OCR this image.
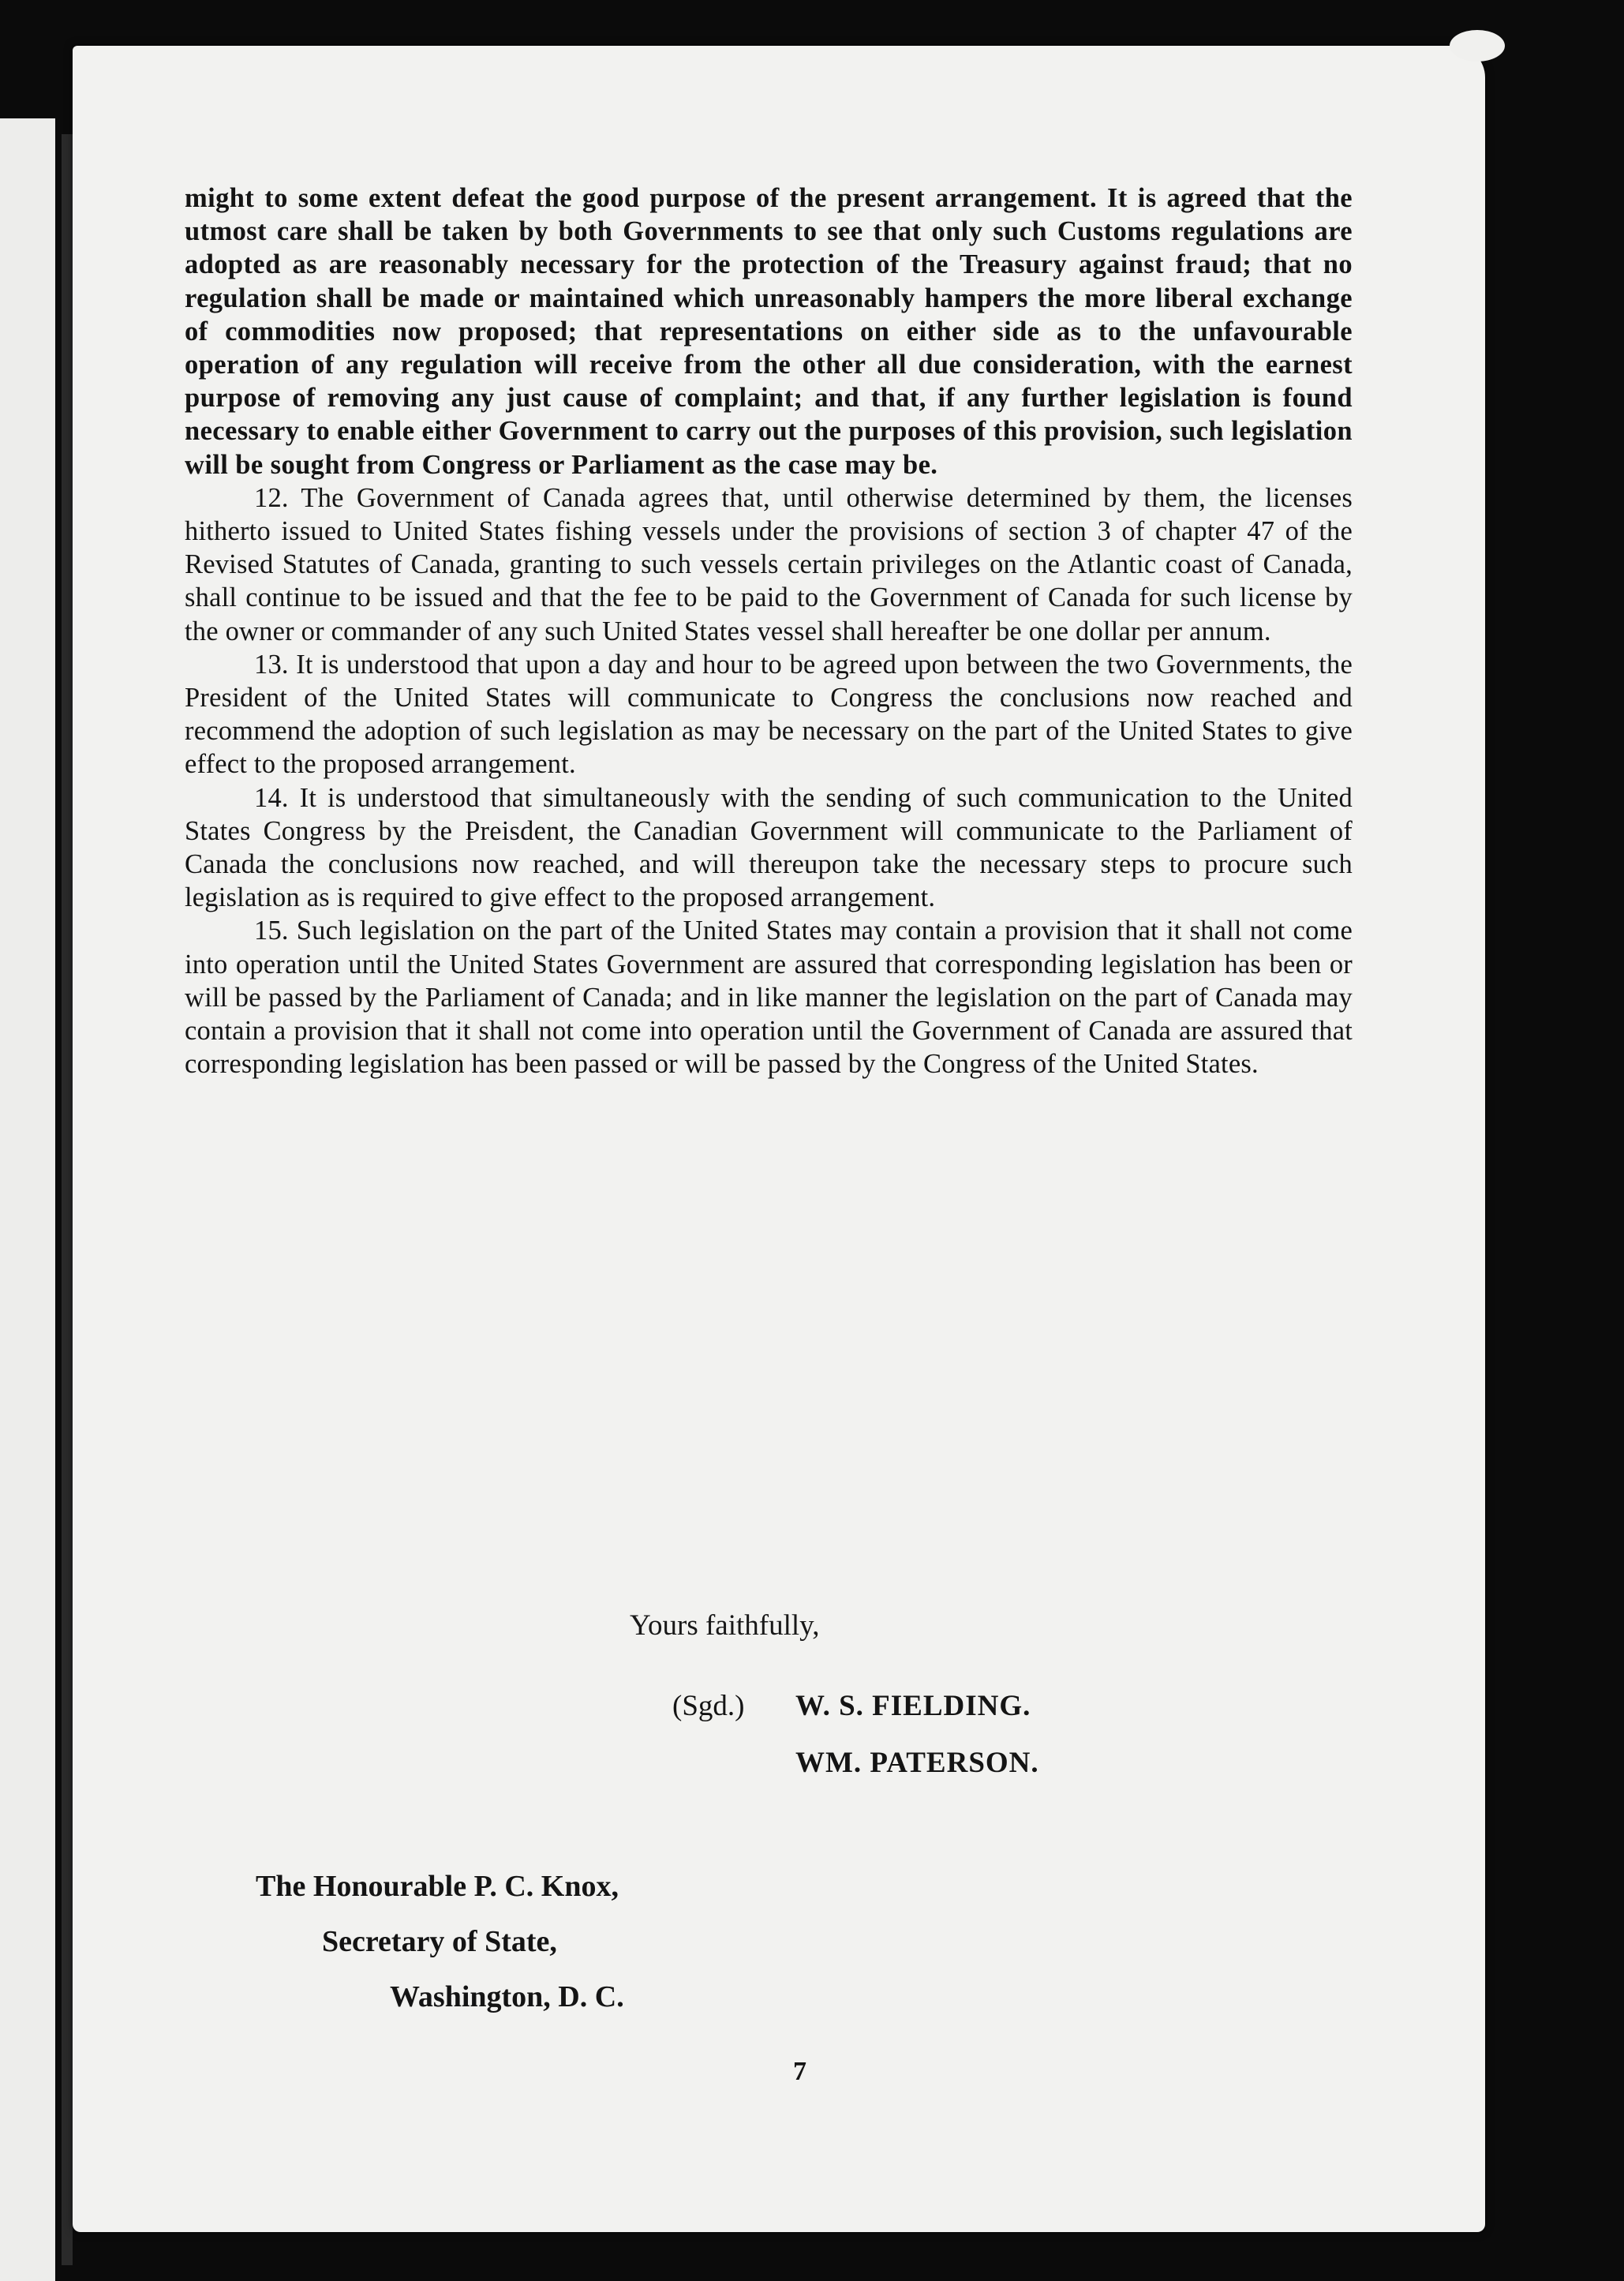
might to some extent defeat the good purpose of the present arrangement. It is agreed that the utmost care shall be taken by both Governments to see that only such Customs regulations are adopted as are reasonably necessary for the protection of the Treasury against fraud; that no regulation shall be made or maintained which unreasonably hampers the more liberal exchange of commodities now proposed; that representations on either side as to the unfavourable operation of any regulation will receive from the other all due consideration, with the earnest purpose of removing any just cause of complaint; and that, if any further legislation is found necessary to enable either Government to carry out the purposes of this provision, such legislation will be sought from Congress or Parliament as the case may be.

12. The Government of Canada agrees that, until otherwise determined by them, the licenses hitherto issued to United States fishing vessels under the provisions of section 3 of chapter 47 of the Revised Statutes of Canada, granting to such vessels certain privileges on the Atlantic coast of Canada, shall continue to be issued and that the fee to be paid to the Government of Canada for such license by the owner or commander of any such United States vessel shall hereafter be one dollar per annum.

13. It is understood that upon a day and hour to be agreed upon between the two Governments, the President of the United States will communicate to Congress the conclusions now reached and recommend the adoption of such legislation as may be necessary on the part of the United States to give effect to the proposed arrangement.

14. It is understood that simultaneously with the sending of such communication to the United States Congress by the Preisdent, the Canadian Government will communicate to the Parliament of Canada the conclusions now reached, and will thereupon take the necessary steps to procure such legislation as is required to give effect to the proposed arrangement.

15. Such legislation on the part of the United States may contain a provision that it shall not come into operation until the United States Government are assured that corresponding legislation has been or will be passed by the Parliament of Canada; and in like manner the legislation on the part of Canada may contain a provision that it shall not come into operation until the Government of Canada are assured that corresponding legislation has been passed or will be passed by the Congress of the United States.

Yours faithfully,
(Sgd.) W. S. FIELDING.
WM. PATERSON.
The Honourable P. C. Knox,
Secretary of State,
Washington, D. C.
7
